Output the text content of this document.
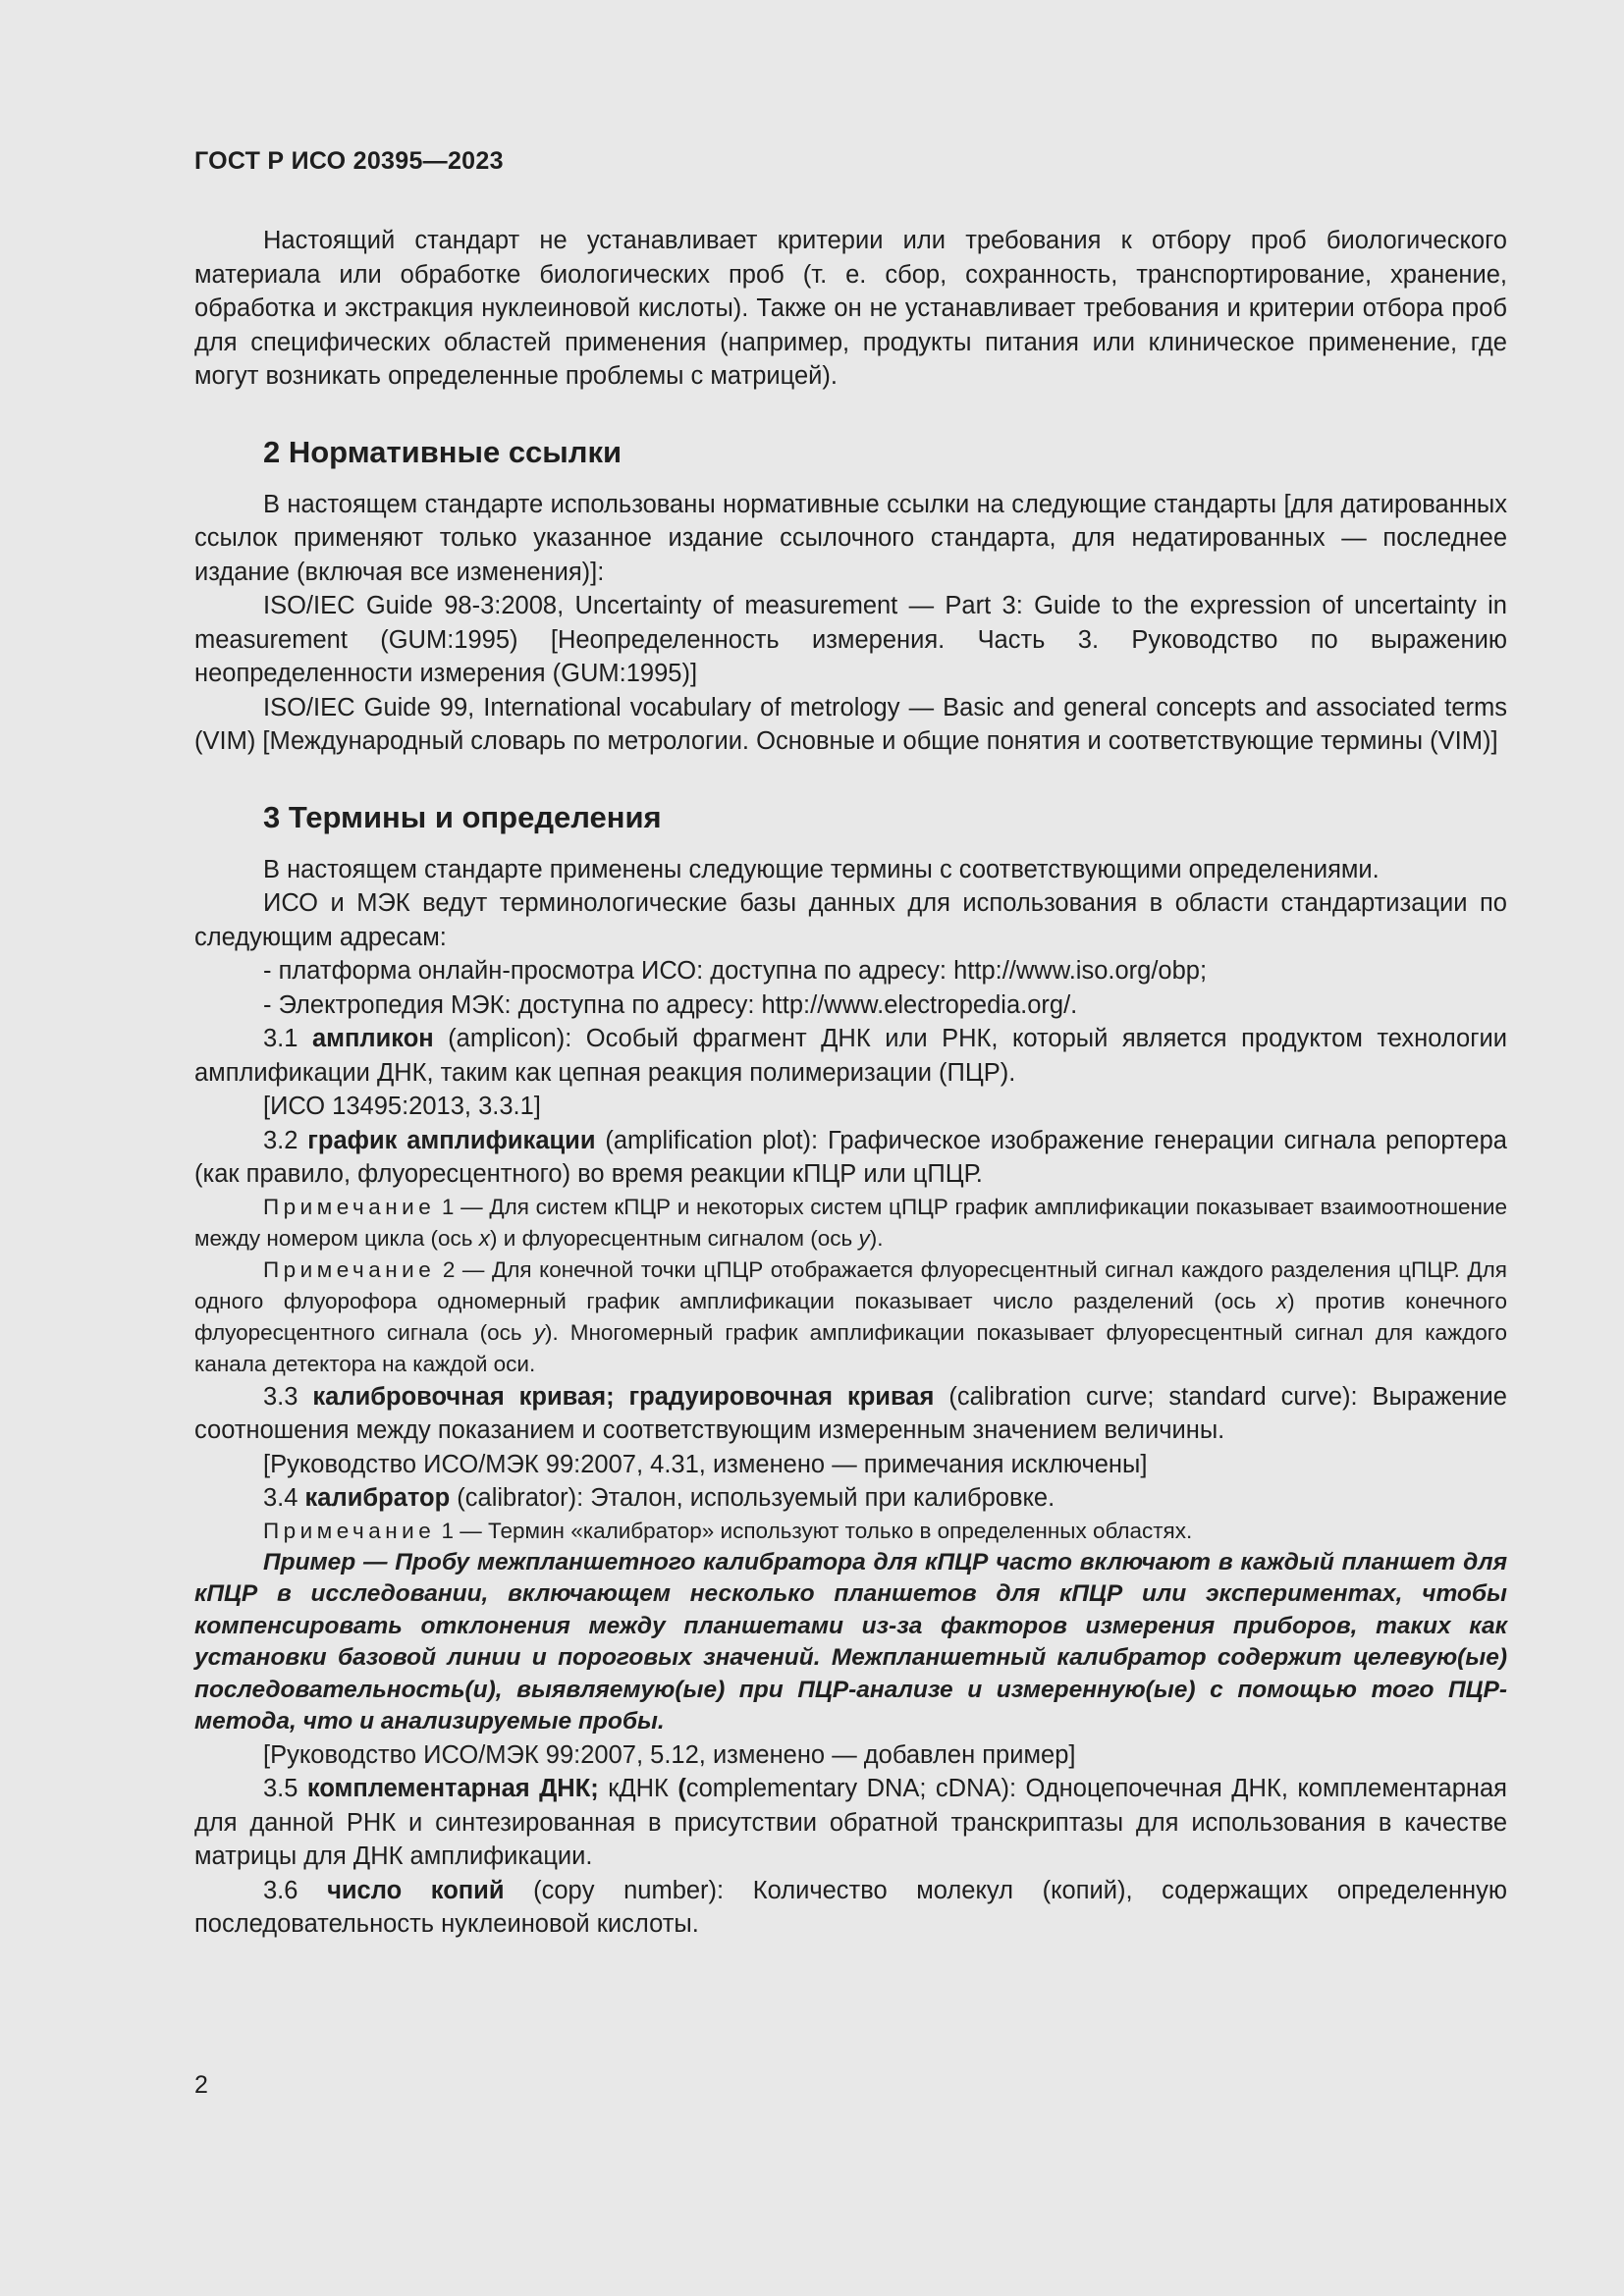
ГОСТ Р ИСО 20395—2023

Настоящий стандарт не устанавливает критерии или требования к отбору проб биологического материала или обработке биологических проб (т. е. сбор, сохранность, транспортирование, хранение, обработка и экстракция нуклеиновой кислоты). Также он не устанавливает требования и критерии отбора проб для специфических областей применения (например, продукты питания или клиническое применение, где могут возникать определенные проблемы с матрицей).

2 Нормативные ссылки

В настоящем стандарте использованы нормативные ссылки на следующие стандарты [для датированных ссылок применяют только указанное издание ссылочного стандарта, для недатированных — последнее издание (включая все изменения)]:

ISO/IEC Guide 98-3:2008, Uncertainty of measurement — Part 3: Guide to the expression of uncertainty in measurement (GUM:1995) [Неопределенность измерения. Часть 3. Руководство по выражению неопределенности измерения (GUM:1995)]

ISO/IEC Guide 99, International vocabulary of metrology — Basic and general concepts and associated terms (VIM) [Международный словарь по метрологии. Основные и общие понятия и соответствующие термины (VIM)]

3 Термины и определения

В настоящем стандарте применены следующие термины с соответствующими определениями.

ИСО и МЭК ведут терминологические базы данных для использования в области стандартизации по следующим адресам:

- платформа онлайн-просмотра ИСО: доступна по адресу: http://www.iso.org/obp;

- Электропедия МЭК: доступна по адресу: http://www.electropedia.org/.

3.1 ампликон (amplicon): Особый фрагмент ДНК или РНК, который является продуктом технологии амплификации ДНК, таким как цепная реакция полимеризации (ПЦР).

[ИСО 13495:2013, 3.3.1]

3.2 график амплификации (amplification plot): Графическое изображение генерации сигнала репортера (как правило, флуоресцентного) во время реакции кПЦР или цПЦР.

Примечание 1 — Для систем кПЦР и некоторых систем цПЦР график амплификации показывает взаимоотношение между номером цикла (ось x) и флуоресцентным сигналом (ось y).

Примечание 2 — Для конечной точки цПЦР отображается флуоресцентный сигнал каждого разделения цПЦР. Для одного флуорофора одномерный график амплификации показывает число разделений (ось x) против конечного флуоресцентного сигнала (ось y). Многомерный график амплификации показывает флуоресцентный сигнал для каждого канала детектора на каждой оси.

3.3 калибровочная кривая; градуировочная кривая (calibration curve; standard curve): Выражение соотношения между показанием и соответствующим измеренным значением величины.

[Руководство ИСО/МЭК 99:2007, 4.31, изменено — примечания исключены]

3.4 калибратор (calibrator): Эталон, используемый при калибровке.

Примечание 1 — Термин «калибратор» используют только в определенных областях.

Пример — Пробу межпланшетного калибратора для кПЦР часто включают в каждый планшет для кПЦР в исследовании, включающем несколько планшетов для кПЦР или экспериментах, чтобы компенсировать отклонения между планшетами из-за факторов измерения приборов, таких как установки базовой линии и пороговых значений. Межпланшетный калибратор содержит целевую(ые) последовательность(и), выявляемую(ые) при ПЦР-анализе и измеренную(ые) с помощью того ПЦР-метода, что и анализируемые пробы.

[Руководство ИСО/МЭК 99:2007, 5.12, изменено — добавлен пример]

3.5 комплементарная ДНК; кДНК (complementary DNA; cDNA): Одноцепочечная ДНК, комплементарная для данной РНК и синтезированная в присутствии обратной транскриптазы для использования в качестве матрицы для ДНК амплификации.

3.6 число копий (copy number): Количество молекул (копий), содержащих определенную последовательность нуклеиновой кислоты.

2
